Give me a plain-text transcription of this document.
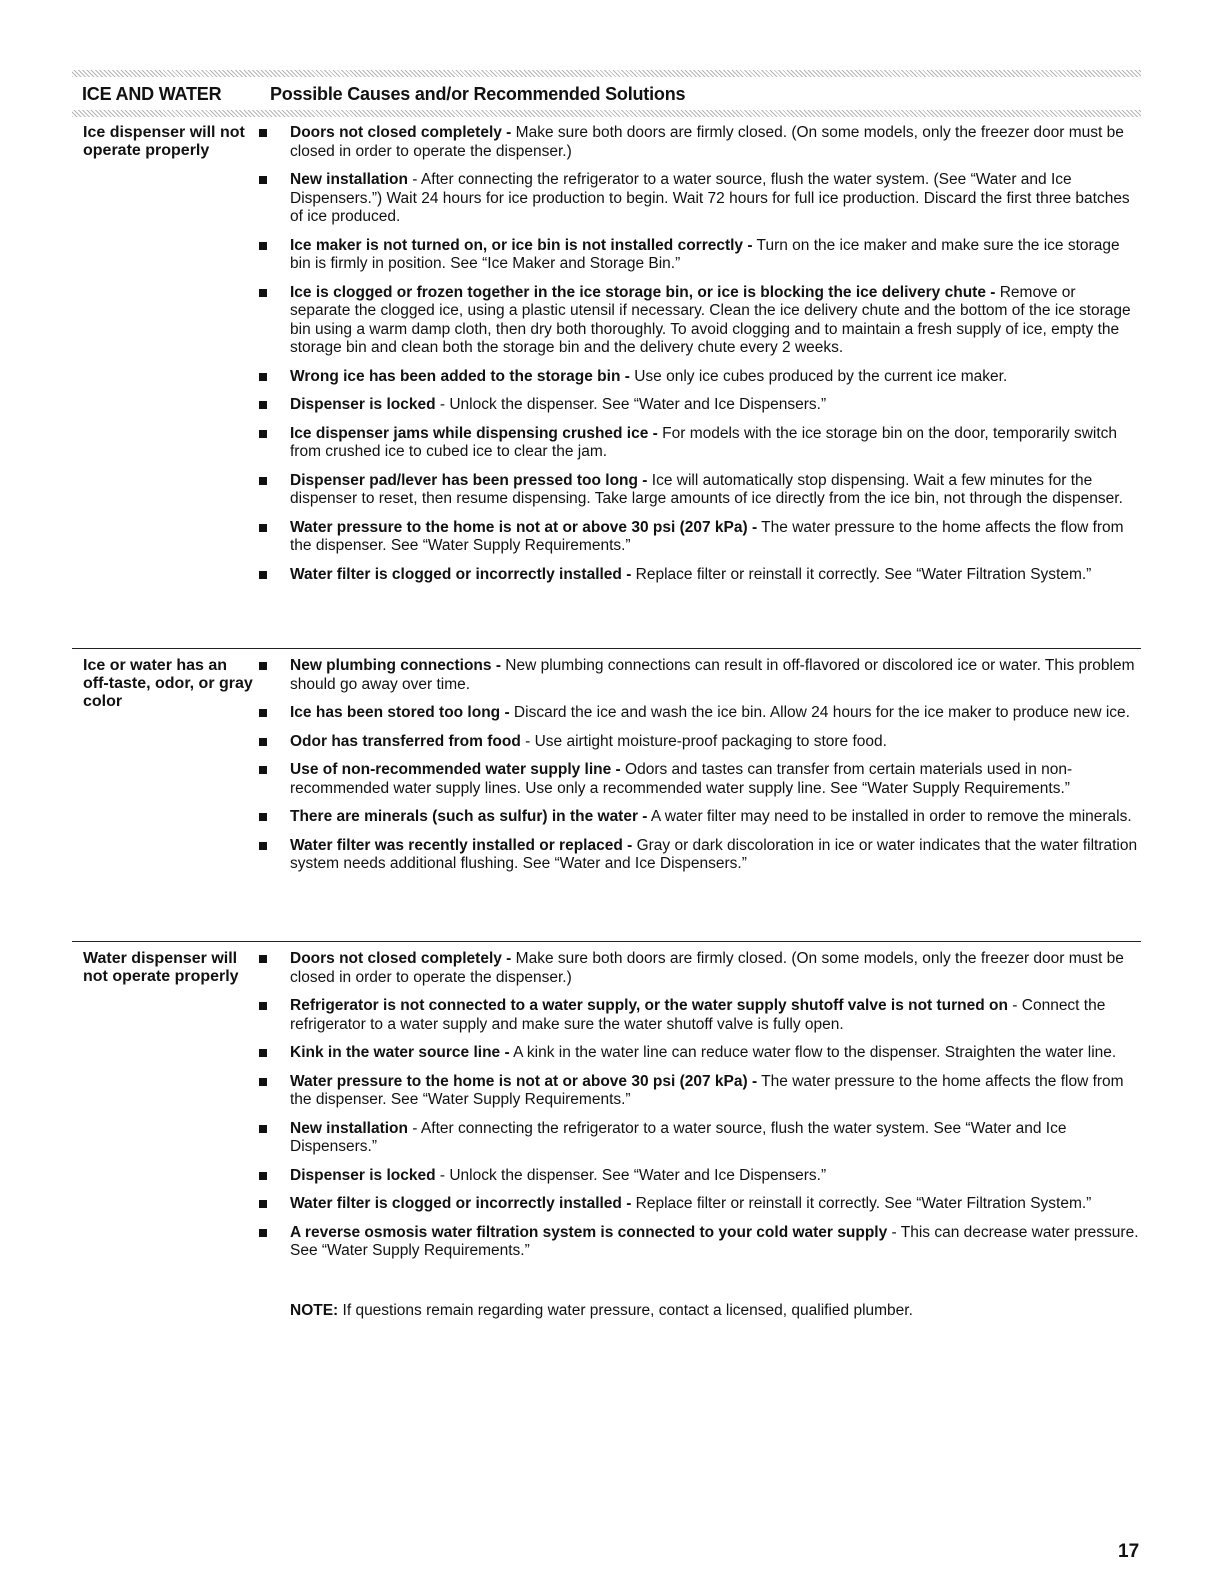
ICE AND WATER	Possible Causes and/or Recommended Solutions
Ice dispenser will not operate properly
Doors not closed completely - Make sure both doors are firmly closed. (On some models, only the freezer door must be closed in order to operate the dispenser.)
New installation - After connecting the refrigerator to a water source, flush the water system. (See “Water and Ice Dispensers.”) Wait 24 hours for ice production to begin. Wait 72 hours for full ice production. Discard the first three batches of ice produced.
Ice maker is not turned on, or ice bin is not installed correctly - Turn on the ice maker and make sure the ice storage bin is firmly in position. See “Ice Maker and Storage Bin.”
Ice is clogged or frozen together in the ice storage bin, or ice is blocking the ice delivery chute - Remove or separate the clogged ice, using a plastic utensil if necessary. Clean the ice delivery chute and the bottom of the ice storage bin using a warm damp cloth, then dry both thoroughly. To avoid clogging and to maintain a fresh supply of ice, empty the storage bin and clean both the storage bin and the delivery chute every 2 weeks.
Wrong ice has been added to the storage bin - Use only ice cubes produced by the current ice maker.
Dispenser is locked - Unlock the dispenser. See “Water and Ice Dispensers.”
Ice dispenser jams while dispensing crushed ice - For models with the ice storage bin on the door, temporarily switch from crushed ice to cubed ice to clear the jam.
Dispenser pad/lever has been pressed too long - Ice will automatically stop dispensing. Wait a few minutes for the dispenser to reset, then resume dispensing. Take large amounts of ice directly from the ice bin, not through the dispenser.
Water pressure to the home is not at or above 30 psi (207 kPa) - The water pressure to the home affects the flow from the dispenser. See “Water Supply Requirements.”
Water filter is clogged or incorrectly installed - Replace filter or reinstall it correctly. See “Water Filtration System.”
Ice or water has an off-taste, odor, or gray color
New plumbing connections - New plumbing connections can result in off-flavored or discolored ice or water. This problem should go away over time.
Ice has been stored too long - Discard the ice and wash the ice bin. Allow 24 hours for the ice maker to produce new ice.
Odor has transferred from food - Use airtight moisture-proof packaging to store food.
Use of non-recommended water supply line - Odors and tastes can transfer from certain materials used in non-recommended water supply lines. Use only a recommended water supply line. See “Water Supply Requirements.”
There are minerals (such as sulfur) in the water - A water filter may need to be installed in order to remove the minerals.
Water filter was recently installed or replaced - Gray or dark discoloration in ice or water indicates that the water filtration system needs additional flushing. See “Water and Ice Dispensers.”
Water dispenser will not operate properly
Doors not closed completely - Make sure both doors are firmly closed. (On some models, only the freezer door must be closed in order to operate the dispenser.)
Refrigerator is not connected to a water supply, or the water supply shutoff valve is not turned on - Connect the refrigerator to a water supply and make sure the water shutoff valve is fully open.
Kink in the water source line - A kink in the water line can reduce water flow to the dispenser. Straighten the water line.
Water pressure to the home is not at or above 30 psi (207 kPa) - The water pressure to the home affects the flow from the dispenser. See “Water Supply Requirements.”
New installation - After connecting the refrigerator to a water source, flush the water system. See “Water and Ice Dispensers.”
Dispenser is locked - Unlock the dispenser. See “Water and Ice Dispensers.”
Water filter is clogged or incorrectly installed - Replace filter or reinstall it correctly. See “Water Filtration System.”
A reverse osmosis water filtration system is connected to your cold water supply - This can decrease water pressure. See “Water Supply Requirements.”
NOTE: If questions remain regarding water pressure, contact a licensed, qualified plumber.
17
